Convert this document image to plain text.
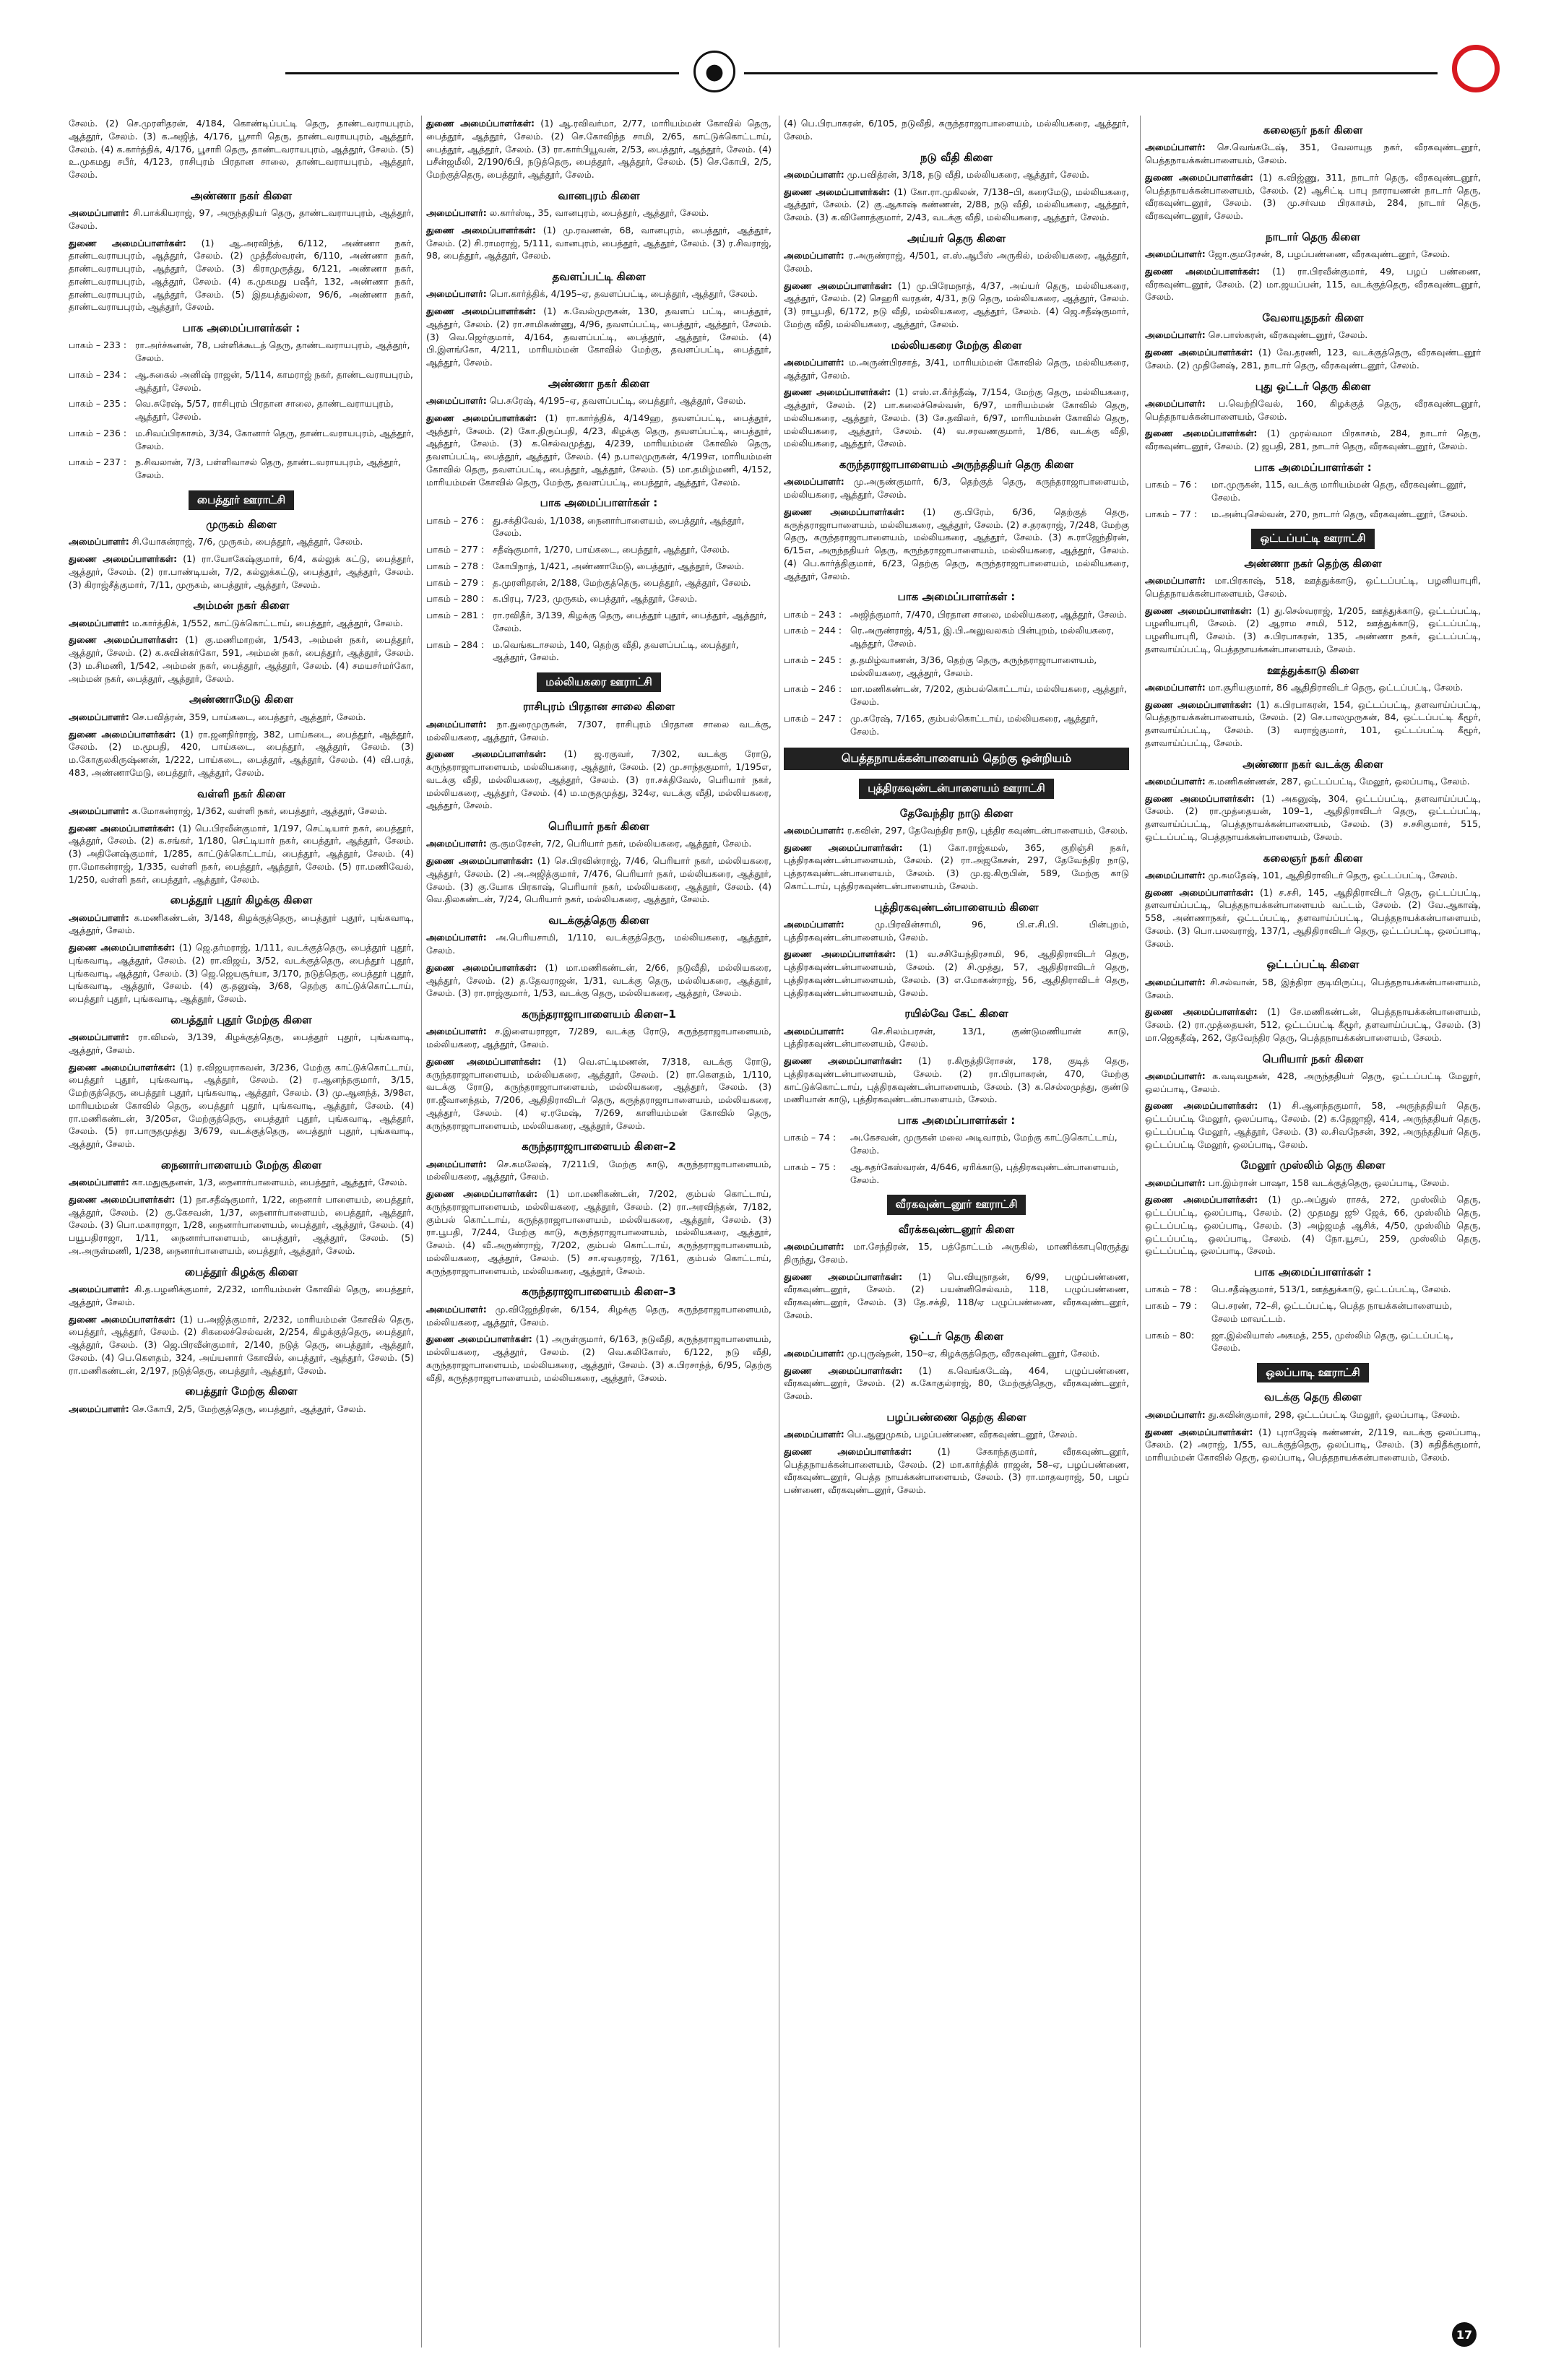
●
சேலம். (2) செ.முரளிதரன், 4/184, கொண்டிப்பட்டி தெரு, தாண்டவராயபுரம், ஆத்தூர், சேலம். (3) க.அஜித், 4/176, பூசாரி தெரு, தாண்டவராயபுரம், ஆத்தூர், சேலம். (4) க.கார்த்திக், 4/176, பூசாரி தெரு, தாண்டவராயபுரம், ஆத்தூர், சேலம். (5) உ.முகமது சபீர், 4/123, ராசிபுரம் பிரதான சாலை, தாண்டவராயபுரம், ஆத்தூர், சேலம்.
அண்ணா நகர் கிளை
அமைப்பாளர்: சி.பாக்கியராஜ், 97, அருந்ததியர் தெரு, தாண்டவராயபுரம், ஆத்தூர், சேலம்.
துணை அமைப்பாளர்கள்: (1) ஆ.அரவிந்த், 6/112, அண்ணா நகர், தாண்டவராயபுரம், ஆத்தூர், சேலம். (2) முத்தீஸ்வரன், 6/110, அண்ணா நகர், தாண்டவராயபுரம், ஆத்தூர், சேலம். (3) கிராமுருத்து, 6/121, அண்ணா நகர், தாண்டவராயபுரம், ஆத்தூர், சேலம். (4) க.முகமது பஷீர், 132, அண்ணா நகர், தாண்டவராயபுரம், ஆத்தூர், சேலம். (5) இதயத்துல்லா, 96/6, அண்ணா நகர், தாண்டவராயபுரம், ஆத்தூர், சேலம்.
பாக அமைப்பாளர்கள் :
பாகம் – 233 : ரா.அர்ச்சுனன், 78, பள்ளிக்கூடத் தெரு, தாண்டவராயபுரம், ஆத்தூர், சேலம்.
பாகம் – 234 : ஆ.சுகைல் அனிஷ் ராஜன், 5/114, காமராஜ் நகர், தாண்டவராயபுரம், ஆத்தூர், சேலம்.
பாகம் – 235 : வெ.சுரேஷ், 5/57, ராசிபுரம் பிரதான சாலை, தாண்டவராயபுரம், ஆத்தூர், சேலம்.
பாகம் – 236 : ம.சிவப்பிரகாசம், 3/34, கோனார் தெரு, தாண்டவராயபுரம், ஆத்தூர், சேலம்.
பாகம் – 237 : ந.சிவலான், 7/3, பள்ளிவாசல் தெரு, தாண்டவராயபுரம், ஆத்தூர், சேலம்.
பைத்தூர் ஊராட்சி
முருகம் கிளை
அமைப்பாளர்: சி.யோகன்ராஜ், 7/6, முருகம், பைத்தூர், ஆத்தூர், சேலம்.
துணை அமைப்பாளர்கள்: (1) ரா.யோகேஷ்குமார், 6/4, கல்லுக் கட்டு, பைத்தூர், ஆத்தூர், சேலம். (2) ரா.பாண்டியன், 7/2, கல்லுக்கட்டு, பைத்தூர், ஆத்தூர், சேலம். (3) கிராஜ்சீத்குமார், 7/11, முருகம், பைத்தூர், ஆத்தூர், சேலம்.
அம்மன் நகர் கிளை
அமைப்பாளர்: ம.கார்த்திக், 1/552, காட்டுக்கொட்டாய், பைத்தூர், ஆத்தூர், சேலம்.
துணை அமைப்பாளர்கள்: (1) கு.மணிமாறன், 1/543, அம்மன் நகர், பைத்தூர், ஆத்தூர், சேலம். (2) க.சுவின்கர்கோ, 591, அம்மன் நகர், பைத்தூர், ஆத்தூர், சேலம். (3) ம.சிமணி, 1/542, அம்மன் நகர், பைத்தூர், ஆத்தூர், சேலம். (4) சமயசர்மர்கோ, அம்மன் நகர், பைத்தூர், ஆத்தூர், சேலம்.
அண்ணாமேடு கிளை
அமைப்பாளர்: செ.பவித்ரன், 359, பாய்கடை, பைத்தூர், ஆத்தூர், சேலம்.
துணை அமைப்பாளர்கள்: (1) ரா.ஜனநிர்ராஜ், 382, பாய்கடை, பைத்தூர், ஆத்தூர், சேலம். (2) ம.மூபதி, 420, பாய்கடை, பைத்தூர், ஆத்தூர், சேலம். (3) ம.கோகுலகிருஷ்ணன், 1/222, பாய்கடை, பைத்தூர், ஆத்தூர், சேலம். (4) வி.பரத், 483, அண்ணாமேடு, பைத்தூர், ஆத்தூர், சேலம்.
வள்ளி நகர் கிளை
அமைப்பாளர்: க.மோகன்ராஜ், 1/362, வள்ளி நகர், பைத்தூர், ஆத்தூர், சேலம்.
துணை அமைப்பாளர்கள்: (1) பெ.பிரவீன்குமார், 1/197, செட்டியார் நகர், பைத்தூர், ஆத்தூர், சேலம். (2) க.சங்கர், 1/180, செட்டியார் நகர், பைத்தூர், ஆத்தூர், சேலம். (3) அதினேஷ்குமார், 1/285, காட்டுக்கொட்டாய், பைத்தூர், ஆத்தூர், சேலம். (4) ரா.மோகன்ராஜ், 1/335, வள்ளி நகர், பைத்தூர், ஆத்தூர், சேலம். (5) ரா.மணிவேல், 1/250, வள்ளி நகர், பைத்தூர், ஆத்தூர், சேலம்.
பைத்தூர் புதூர் கிழக்கு கிளை
அமைப்பாளர்: க.மணிகண்டன், 3/148, கிழக்குத்தெரு, பைத்தூர் புதூர், புங்கவாடி, ஆத்தூர், சேலம்.
துணை அமைப்பாளர்கள்: (1) ஜெ.தர்மராஜ், 1/111, வடக்குத்தெரு, பைத்தூர் புதூர், புங்கவாடி, ஆத்தூர், சேலம். (2) ரா.விஜய், 3/52, வடக்குத்தெரு, பைத்தூர் புதூர், புங்கவாடி, ஆத்தூர், சேலம். (3) ஜெ.ஜெயசூர்யா, 3/170, நடுத்தெரு, பைத்தூர் புதூர், புங்கவாடி, ஆத்தூர், சேலம். (4) கு.தனுஷ், 3/68, தெற்கு காட்டுக்கொட்டாய், பைத்தூர் புதூர், புங்கவாடி, ஆத்தூர், சேலம்.
பைத்தூர் புதூர் மேற்கு கிளை
அமைப்பாளர்: ரா.விமல், 3/139, கிழக்குத்தெரு, பைத்தூர் புதூர், புங்கவாடி, ஆத்தூர், சேலம்.
துணை அமைப்பாளர்கள்: (1) ர.விஜயராகவன், 3/236, மேற்கு காட்டுக்கொட்டாய், பைத்தூர் புதூர், புங்கவாடி, ஆத்தூர், சேலம். (2) ர.ஆனந்தகுமார், 3/15, மேற்குத்தெரு, பைத்தூர் புதூர், புங்கவாடி, ஆத்தூர், சேலம். (3) மு.ஆனந்த், 3/98எ, மாரியம்மன் கோவில் தெரு, பைத்தூர் புதூர், புங்கவாடி, ஆத்தூர், சேலம். (4) ரா.மணிகண்டன், 3/205எ, மேற்குத்தெரு, பைத்தூர் புதூர், புங்கவாடி, ஆத்தூர், சேலம். (5) ரா.பாருதமுத்து 3/679, வடக்குத்தெரு, பைத்தூர் புதூர், புங்கவாடி, ஆத்தூர், சேலம்.
நைனார்பாளையம் மேற்கு கிளை
அமைப்பாளர்: கா.மதுசூதனன், 1/3, நைனார்பாளையம், பைத்தூர், ஆத்தூர், சேலம்.
துணை அமைப்பாளர்கள்: (1) நா.சதீஷ்குமார், 1/22, நைனார் பாளையம், பைத்தூர், ஆத்தூர், சேலம். (2) கு.கேசவன், 1/37, நைனார்பாளையம், பைத்தூர், ஆத்தூர், சேலம். (3) பொ.மகாராஜா, 1/28, நைனார்பாளையம், பைத்தூர், ஆத்தூர், சேலம். (4) பயூபதிராஜா, 1/11, நைனார்பாளையம், பைத்தூர், ஆத்தூர், சேலம். (5) அ.அருள்மணி, 1/238, நைனார்பாளையம், பைத்தூர், ஆத்தூர், சேலம்.
பைத்தூர் கிழக்கு கிளை
அமைப்பாளர்: கி.த.பழனிக்குமார், 2/232, மாரியம்மன் கோவில் தெரு, பைத்தூர், ஆத்தூர், சேலம்.
துணை அமைப்பாளர்கள்: (1) ப.அஜித்குமார், 2/232, மாரியம்மன் கோவில் தெரு, பைத்தூர், ஆத்தூர், சேலம். (2) சிகலைச்செல்வன், 2/254, கிழக்குத்தெரு, பைத்தூர், ஆத்தூர், சேலம். (3) ஜெ.பிரவீன்குமார், 2/140, நடுத் தெரு, பைத்தூர், ஆத்தூர், சேலம். (4) பெ.கௌதம், 324, அய்யனார் கோவில், பைத்தூர், ஆத்தூர், சேலம். (5) ரா.மணிகண்டன், 2/197, நடுத்தெரு, பைத்தூர், ஆத்தூர், சேலம்.
பைத்தூர் மேற்கு கிளை
அமைப்பாளர்: செ.கோபி, 2/5, மேற்குத்தெரு, பைத்தூர், ஆத்தூர், சேலம்.
துணை அமைப்பாளர்கள்: (1) ஆ.ரவிவர்மா, 2/77, மாரியம்மன் கோவில் தெரு, பைத்தூர், ஆத்தூர், சேலம். (2) செ.கோவிந்த சாமி, 2/65, காட்டுக்கொட்டாய், பைத்தூர், ஆத்தூர், சேலம். (3) ரா.கார்பியூவன், 2/53, பைத்தூர், ஆத்தூர், சேலம். (4) பசீன்ஜமீலி, 2/190/6பி, நடுத்தெரு, பைத்தூர், ஆத்தூர், சேலம். (5) செ.கோபி, 2/5, மேற்குத்தெரு, பைத்தூர், ஆத்தூர், சேலம்.
வானபுரம் கிளை
அமைப்பாளர்: ல.கார்ஸ்டி, 35, வானபுரம், பைத்தூர், ஆத்தூர், சேலம்.
துணை அமைப்பாளர்கள்: (1) மு.ரவணன், 68, வானபுரம், பைத்தூர், ஆத்தூர், சேலம். (2) சி.ராமராஜ், 5/111, வானபுரம், பைத்தூர், ஆத்தூர், சேலம். (3) ர.சிவராஜ், 98, பைத்தூர், ஆத்தூர், சேலம்.
தவளப்பட்டி கிளை
அமைப்பாளர்: பொ.கார்த்திக், 4/195–ஏ, தவளப்பட்டி, பைத்தூர், ஆத்தூர், சேலம்.
துணை அமைப்பாளர்கள்: (1) க.வேல்முருகன், 130, தவளப் பட்டி, பைத்தூர், ஆத்தூர், சேலம். (2) ரா.சாமிகண்ணு, 4/96, தவளப்பட்டி, பைத்தூர், ஆத்தூர், சேலம். (3) வெ.ஜெர்குமார், 4/164, தவளப்பட்டி, பைத்தூர், ஆத்தூர், சேலம். (4) பி.இளங்கோ, 4/211, மாரியம்மன் கோவில் மேற்கு, தவளப்பட்டி, பைத்தூர், ஆத்தூர், சேலம்.
அண்ணா நகர் கிளை
அமைப்பாளர்: பெ.சுரேஷ், 4/195–ஏ, தவளப்பட்டி, பைத்தூர், ஆத்தூர், சேலம்.
துணை அமைப்பாளர்கள்: (1) ரா.கார்த்திக், 4/149ஹ, தவளப்பட்டி, பைத்தூர், ஆத்தூர், சேலம். (2) கோ.திருப்பதி, 4/23, கிழக்கு தெரு, தவளப்பட்டி, பைத்தூர், ஆத்தூர், சேலம். (3) க.செல்வமுத்து, 4/239, மாரியம்மன் கோவில் தெரு, தவளப்பட்டி, பைத்தூர், ஆத்தூர், சேலம். (4) ந.பாலமுருகன், 4/199எ, மாரியம்மன் கோவில் தெரு, தவளப்பட்டி, பைத்தூர், ஆத்தூர், சேலம். (5) மா.தமிழ்மணி, 4/152, மாரியம்மன் கோவில் தெரு, மேற்கு, தவளப்பட்டி, பைத்தூர், ஆத்தூர், சேலம்.
பாக அமைப்பாளர்கள் :
பாகம் – 276 : து.சக்திவேல், 1/1038, நைனார்பாளையம், பைத்தூர், ஆத்தூர், சேலம்.
பாகம் – 277 : சதீஷ்குமார், 1/270, பாய்கடை, பைத்தூர், ஆத்தூர், சேலம்.
பாகம் – 278 : கோபிநாத், 1/421, அண்ணாமேடு, பைத்தூர், ஆத்தூர், சேலம்.
பாகம் – 279 : த.முரளிதரன், 2/188, மேற்குத்தெரு, பைத்தூர், ஆத்தூர், சேலம்.
பாகம் – 280 : க.பிரபு, 7/23, முருகம், பைத்தூர், ஆத்தூர், சேலம்.
பாகம் – 281 : ரா.ரவிதீர், 3/139, கிழக்கு தெரு, பைத்தூர் புதூர், பைத்தூர், ஆத்தூர், சேலம்.
பாகம் – 284 : ம.வெங்கடாசலம், 140, தெற்கு வீதி, தவளப்பட்டி, பைத்தூர், ஆத்தூர், சேலம்.
மல்லியகரை ஊராட்சி
ராசிபுரம் பிரதான சாலை கிளை
அமைப்பாளர்: நா.துரைமுருகன், 7/307, ராசிபுரம் பிரதான சாலை வடக்கு, மல்லியகரை, ஆத்தூர், சேலம்.
துணை அமைப்பாளர்கள்: (1) ஜ.ரகுவர், 7/302, வடக்கு ரோடு, கருந்தராஜாபாளையம், மல்லியகரை, ஆத்தூர், சேலம். (2) மு.சாந்தகுமார், 1/195எ, வடக்கு வீதி, மல்லியகரை, ஆத்தூர், சேலம். (3) ரா.சக்திவேல், பெரியார் நகர், மல்லியகரை, ஆத்தூர், சேலம். (4) ம.மருதமுத்து, 324ஏ, வடக்கு வீதி, மல்லியகரை, ஆத்தூர், சேலம்.
பெரியார் நகர் கிளை
அமைப்பாளர்: கு.குமரேசன், 7/2, பெரியார் நகர், மல்லியகரை, ஆத்தூர், சேலம்.
துணை அமைப்பாளர்கள்: (1) செ.பிரவின்ராஜ், 7/46, பெரியார் நகர், மல்லியகரை, ஆத்தூர், சேலம். (2) அ.அஜித்குமார், 7/476, பெரியார் நகர், மல்லியகரை, ஆத்தூர், சேலம். (3) கு.யோக பிரகாஷ், பெரியார் நகர், மல்லியகரை, ஆத்தூர், சேலம். (4) வெ.திலகண்டன், 7/24, பெரியார் நகர், மல்லியகரை, ஆத்தூர், சேலம்.
வடக்குத்தெரு கிளை
அமைப்பாளர்: அ.பெரியசாமி, 1/110, வடக்குத்தெரு, மல்லியகரை, ஆத்தூர், சேலம்.
துணை அமைப்பாளர்கள்: (1) மா.மணிகண்டன், 2/66, நடுவீதி, மல்லியகரை, ஆத்தூர், சேலம். (2) த.தேவராஜன், 1/31, வடக்கு தெரு, மல்லியகரை, ஆத்தூர், சேலம். (3) ரா.ராஜ்குமார், 1/53, வடக்கு தெரு, மல்லியகரை, ஆத்தூர், சேலம்.
கருந்தராஜாபாளையம் கிளை–1
அமைப்பாளர்: ச.இளையராஜா, 7/289, வடக்கு ரோடு, கருந்தராஜாபாளையம், மல்லியகரை, ஆத்தூர், சேலம்.
துணை அமைப்பாளர்கள்: (1) வெ.எட்டிமணன், 7/318, வடக்கு ரோடு, கருந்தராஜாபாளையம், மல்லியகரை, ஆத்தூர், சேலம். (2) ரா.கௌதம், 1/110, வடக்கு ரோடு, கருந்தராஜாபாளையம், மல்லியகரை, ஆத்தூர், சேலம். (3) ரா.ஜீவானந்தம், 7/206, ஆதிதிராவிடர் தெரு, கருந்தராஜாபாளையம், மல்லியகரை, ஆத்தூர், சேலம். (4) ஏ.ரமேஷ், 7/269, காளியம்மன் கோவில் தெரு, கருந்தராஜாபாளையம், மல்லியகரை, ஆத்தூர், சேலம்.
கருந்தராஜாபாளையம் கிளை–2
அமைப்பாளர்: செ.கமலேஷ், 7/211பி, மேற்கு காடு, கருந்தராஜாபாளையம், மல்லியகரை, ஆத்தூர், சேலம்.
துணை அமைப்பாளர்கள்: (1) மா.மணிகண்டன், 7/202, கும்பல் கொட்டாய், கருந்தராஜாபாளையம், மல்லியகரை, ஆத்தூர், சேலம். (2) ரா.அரவிந்தன், 7/182, கும்பல் கொட்டாய், கருந்தராஜாபாளையம், மல்லியகரை, ஆத்தூர், சேலம். (3) ரா.பூபதி, 7/244, மேற்கு காடு, கருந்தராஜாபாளையம், மல்லியகரை, ஆத்தூர், சேலம். (4) வீ.அருண்ராஜ், 7/202, கும்பல் கொட்டாய், கருந்தராஜாபாளையம், மல்லியகரை, ஆத்தூர், சேலம். (5) சா.ஏவதராஜ், 7/161, கும்பல் கொட்டாய், கருந்தராஜாபாளையம், மல்லியகரை, ஆத்தூர், சேலம்.
கருந்தராஜாபாளையம் கிளை–3
அமைப்பாளர்: மு.விஜேந்திரன், 6/154, கிழக்கு தெரு, கருந்தராஜாபாளையம், மல்லியகரை, ஆத்தூர், சேலம்.
துணை அமைப்பாளர்கள்: (1) அருள்குமார், 6/163, நடுவீதி, கருந்தராஜாபாளையம், மல்லியகரை, ஆத்தூர், சேலம். (2) வெ.கலிகோஸ், 6/122, நடு வீதி, கருந்தராஜாபாளையம், மல்லியகரை, ஆத்தூர், சேலம். (3) க.பிரசாந்த், 6/95, தெற்கு வீதி, கருந்தராஜாபாளையம், மல்லியகரை, ஆத்தூர், சேலம்.
(4) பெ.பிரபாகரன், 6/105, நடுவீதி, கருந்தராஜாபாளையம், மல்லியகரை, ஆத்தூர், சேலம்.
நடு வீதி கிளை
அமைப்பாளர்: மு.பவித்ரன், 3/18, நடு வீதி, மல்லியகரை, ஆத்தூர், சேலம்.
துணை அமைப்பாளர்கள்: (1) கோ.ரா.முகிலன், 7/138–பி, கரைமேடு, மல்லியகரை, ஆத்தூர், சேலம். (2) கு.ஆகாஷ் கண்ணன், 2/88, நடு வீதி, மல்லியகரை, ஆத்தூர், சேலம். (3) க.வினோத்குமார், 2/43, வடக்கு வீதி, மல்லியகரை, ஆத்தூர், சேலம்.
அய்யர் தெரு கிளை
அமைப்பாளர்: ர.அருண்ராஜ், 4/501, எ.ஸ்.ஆபீஸ் அருகில், மல்லியகரை, ஆத்தூர், சேலம்.
துணை அமைப்பாளர்கள்: (1) மு.பிரேமநாத், 4/37, அய்யர் தெரு, மல்லியகரை, ஆத்தூர், சேலம். (2) செஹரி வரதன், 4/31, நடு தெரு, மல்லியகரை, ஆத்தூர், சேலம். (3) ராபூபதி, 6/172, நடு வீதி, மல்லியகரை, ஆத்தூர், சேலம். (4) ஜெ.சதீஷ்குமார், மேற்கு வீதி, மல்லியகரை, ஆத்தூர், சேலம்.
மல்லியகரை மேற்கு கிளை
அமைப்பாளர்: ம.அருண்பிரசாத், 3/41, மாரியம்மன் கோவில் தெரு, மல்லியகரை, ஆத்தூர், சேலம்.
துணை அமைப்பாளர்கள்: (1) எஸ்.எ.கீர்த்தீஷ், 7/154, மேற்கு தெரு, மல்லியகரை, ஆத்தூர், சேலம். (2) பா.கலைச்செல்வன், 6/97, மாரியம்மன் கோவில் தெரு, மல்லியகரை, ஆத்தூர், சேலம். (3) சே.தவிலர், 6/97, மாரியம்மன் கோவில் தெரு, மல்லியகரை, ஆத்தூர், சேலம். (4) வ.சரவணகுமார், 1/86, வடக்கு வீதி, மல்லியகரை, ஆத்தூர், சேலம்.
கருந்தராஜாபாளையம் அருந்ததியர் தெரு கிளை
அமைப்பாளர்: மு.அருண்குமார், 6/3, தெற்குத் தெரு, கருந்தராஜாபாளையம், மல்லியகரை, ஆத்தூர், சேலம்.
துணை அமைப்பாளர்கள்: (1) கு.பிரேம், 6/36, தெற்குத் தெரு, கருந்தராஜாபாளையம், மல்லியகரை, ஆத்தூர், சேலம். (2) ச.தரகராஜ், 7/248, மேற்கு தெரு, கருந்தராஜாபாளையம், மல்லியகரை, ஆத்தூர், சேலம். (3) சு.ராஜேந்திரன், 6/15எ, அருந்ததியர் தெரு, கருந்தராஜாபாளையம், மல்லியகரை, ஆத்தூர், சேலம். (4) பெ.கார்த்திகுமார், 6/23, தெற்கு தெரு, கருந்தராஜாபாளையம், மல்லியகரை, ஆத்தூர், சேலம்.
பாக அமைப்பாளர்கள் :
பாகம் – 243 : அஜித்குமார், 7/470, பிரதான சாலை, மல்லியகரை, ஆத்தூர், சேலம்.
பாகம் – 244 : ரெ.அருண்ராஜ், 4/51, இ.பி.அலுவலகம் பின்புறம், மல்லியகரை, ஆத்தூர், சேலம்.
பாகம் – 245 : த.தமிழ்வாணன், 3/36, தெற்கு தெரு, கருந்தராஜாபாளையம், மல்லியகரை, ஆத்தூர், சேலம்.
பாகம் – 246 : மா.மணிகண்டன், 7/202, கும்பல்கொட்டாய், மல்லியகரை, ஆத்தூர், சேலம்.
பாகம் – 247 : மு.சுரேஷ், 7/165, கும்பல்கொட்டாய், மல்லியகரை, ஆத்தூர், சேலம்.
பெத்தநாயக்கன்பாளையம் தெற்கு ஒன்றியம்
புத்திரகவுண்டன்பாளையம் ஊராட்சி
தேவேந்திர நாடு கிளை
அமைப்பாளர்: ர.கவின், 297, தேவேந்திர நாடு, புத்திர கவுண்டன்பாளையம், சேலம்.
துணை அமைப்பாளர்கள்: (1) கோ.ராஜ்கமல், 365, குறிஞ்சி நகர், புத்திரகவுண்டன்பாளையம், சேலம். (2) ரா.அஜகேசன், 297, தேவேந்திர நாடு, புத்தரகவுண்டன்பாளையம், சேலம். (3) மு.ஜ.கிருபின், 589, மேற்கு காடு கொட்டாய், புத்திரகவுண்டன்பாளையம், சேலம்.
புத்திரகவுண்டன்பாளையம் கிளை
அமைப்பாளர்:	மு.பிரவின்சாமி, 96, பி.எ.சி.பி. பின்புறம், புத்திரகவுண்டன்பாளையம், சேலம்.
துணை அமைப்பாளர்கள்: (1) வ.சசியேந்திரசாமி, 96, ஆதிதிராவிடர் தெரு, புத்திரகவுண்டன்பாளையம், சேலம். (2) சி.முத்து, 57, ஆதிதிராவிடர் தெரு, புத்திரகவுண்டன்பாளையம், சேலம். (3) எ.மோகன்ராஜ், 56, ஆதிதிராவிடர் தெரு, புத்திரகவுண்டன்பாளையம், சேலம்.
ரயில்வே கேட் கிளை
அமைப்பாளர்:	செ.சிலம்பரசன், 13/1, குண்டுமணியான் காடு, புத்திரகவுண்டன்பாளையம், சேலம்.
துணை அமைப்பாளர்கள்: (1) ர.கிருத்திரோசன், 178, குடித் தெரு, புத்திரகவுண்டன்பாளையம், சேலம். (2) ரா.பிரபாகரன், 470, மேற்கு காட்டுக்கொட்டாய், புத்திரகவுண்டன்பாளையம், சேலம். (3) க.செல்லமுத்து, குண்டு மணியான் காடு, புத்திரகவுண்டன்பாளையம், சேலம்.
பாக அமைப்பாளர்கள் :
பாகம் – 74 :	அ.கேசவன், முருகன் மலை அடிவாரம், மேற்கு காட்டுகொட்டாய், சேலம்.
பாகம் – 75 :	ஆ.சுதர்கேஸ்வரன், 4/646, ஏரிக்காடு, புத்திரகவுண்டன்பாளையம், சேலம்.
வீரகவுண்டனூர் ஊராட்சி
வீரக்கவுண்டனூர் கிளை
அமைப்பாளர்: மா.சேந்திரன், 15, பத்தோட்டம் அருகில், மாணிக்காபுரெருத்து திருந்து, சேலம்.
துணை அமைப்பாளர்கள்: (1) பெ.வியுநாதன், 6/99, பழுப்பண்ணை, வீரகவுண்டனூர், சேலம். (2) பயன்னிசெல்வம், 118, பழுப்பண்ணை, வீரகவுண்டனூர், சேலம். (3) தே.சக்தி, 118/ஏ பழுப்பண்ணை, வீரகவுண்டனூர், சேலம்.
ஒட்டர் தெரு கிளை
அமைப்பாளர்: மு.புருஷ்தன், 150–ஏ, கிழக்குத்தெரு, வீரகவுண்டனூர், சேலம்.
துணை அமைப்பாளர்கள்: (1) க.வெங்கடேஷ், 464, பழுப்பண்ணை, வீரகவுண்டனூர், சேலம். (2) க.கோகுல்ராஜ், 80, மேற்குத்தெரு, வீரகவுண்டனூர், சேலம்.
பழப்பண்ணை தெற்கு கிளை
அமைப்பாளர்: பெ.ஆனுமுகம், பழப்பண்ணை, வீரகவுண்டனூர், சேலம்.
துணை அமைப்பாளர்கள்:	(1) சேகாந்தகுமார், வீரகவுண்டனூர், பெத்தநாயக்கன்பாளையம், சேலம். (2) மா.கார்த்திக் ராஜன், 58–ஏ, பழப்பண்ணை, வீரகவுண்டனூர், பெத்த நாயக்கன்பாளையம், சேலம். (3) ரா.மாதவராஜ், 50, பழப் பண்ணை, வீரகவுண்டனூர், சேலம்.
கலைஞர் நகர் கிளை
அமைப்பாளர்: செ.வெங்கடேஷ், 351, வேலாயுத நகர், வீரகவுண்டனூர், பெத்தநாயக்கன்பாளையம், சேலம்.
துணை அமைப்பாளர்கள்: (1) க.விஜ்ணு, 311, நாடார் தெரு, வீரகவுண்டனூர், பெத்தநாயக்கன்பாளையம், சேலம். (2) ஆசிட்டி பாபு நாராயணன் நாடார் தெரு, வீரகவுண்டனூர், சேலம். (3) மு.சர்வம பிரகாசம், 284, நாடார் தெரு, வீரகவுண்டனூர், சேலம்.
நாடார் தெரு கிளை
அமைப்பாளர்: ஜோ.குமரேசன், 8, பழப்பண்ணை, வீரகவுண்டனூர், சேலம்.
துணை அமைப்பாளர்கள்: (1) ரா.பிரவீன்குமார், 49, பழப் பண்ணை, வீரகவுண்டனூர், சேலம். (2) மா.ஜயப்பன், 115, வடக்குத்தெரு, வீரகவுண்டனூர், சேலம்.
வேலாயுதநகர் கிளை
அமைப்பாளர்: செ.பாஸ்கரன், வீரகவுண்டனூர், சேலம்.
துணை அமைப்பாளர்கள்: (1) வே.தரணி, 123, வடக்குத்தெரு, வீரகவுண்டனூர் சேலம். (2) முதினேஷ், 281, நாடார் தெரு, வீரகவுண்டனூர், சேலம்.
புது ஒட்டர் தெரு கிளை
அமைப்பாளர்: ப.வெற்றிவேல், 160, கிழக்குத் தெரு, வீரகவுண்டனூர், பெத்தநாயக்கன்பாளையம், சேலம்.
துணை அமைப்பாளர்கள்: (1) முரல்வமா பிரகாசம், 284, நாடார் தெரு, வீரகவுண்டனூர், சேலம். (2) ஜபதி, 281, நாடார் தெரு, வீரகவுண்டனூர், சேலம்.
பாக அமைப்பாளர்கள் :
பாகம் – 76 :	மா.முருகன், 115, வடக்கு மாரியம்மன் தெரு, வீரகவுண்டனூர், சேலம்.
பாகம் – 77 :	ம.அன்புசெல்வன், 270, நாடார் தெரு, வீரகவுண்டனூர், சேலம்.
ஒட்டப்பட்டி ஊராட்சி
அண்ணா நகர் தெற்கு கிளை
அமைப்பாளர்: மா.பிரகாஷ், 518, ஊத்துக்காடு, ஒட்டப்பட்டி, பழனியாபுரி, பெத்தநாயக்கன்பாளையம், சேலம்.
துணை அமைப்பாளர்கள்: (1) து.செல்வராஜ், 1/205, ஊத்துக்காடு, ஒட்டப்பட்டி, பழனியாபுரி, சேலம். (2) ஆராம சாமி, 512, ஊத்துக்காடு, ஒட்டப்பட்டி, பழனியாபுரி, சேலம். (3) சு.பிரபாகரன், 135, அண்ணா நகர், ஒட்டப்பட்டி, தளவாய்ப்பட்டி, பெத்தநாயக்கன்பாளையம், சேலம்.
ஊத்துக்காடு கிளை
அமைப்பாளர்: மா.சூரியகுமார், 86 ஆதிதிராவிடர் தெரு, ஒட்டப்பட்டி, சேலம்.
துணை அமைப்பாளர்கள்: (1) க.பிரபாகரன், 154, ஒட்டப்பட்டி, தளவாய்ப்பட்டி, பெத்தநாயக்கன்பாளையம், சேலம். (2) செ.பாலமுருகன், 84, ஒட்டப்பட்டி கீழூர், தளவாய்ப்பட்டி, சேலம். (3) வராஜ்குமார், 101, ஒட்டப்பட்டி கீழூர், தளவாய்ப்பட்டி, சேலம்.
அண்ணா நகர் வடக்கு கிளை
அமைப்பாளர்: க.மணிகண்ணன், 287, ஒட்டப்பட்டி, மேலூர், ஒலப்பாடி, சேலம்.
துணை அமைப்பாளர்கள்: (1) அகனுஷ், 304, ஒட்டப்பட்டி, தளவாய்ப்பட்டி, சேலம். (2) ரா.முத்தையன், 109–1, ஆதிதிராவிடர் தெரு, ஒட்டப்பட்டி, தளவாய்ப்பட்டி, பெத்தநாயக்கன்பாளையம், சேலம். (3) ச.சசிகுமார், 515, ஒட்டப்பட்டி, பெத்தநாயக்கன்பாளையம், சேலம்.
கலைஞர் நகர் கிளை
அமைப்பாளர்: மு.சுமதேஷ், 101, ஆதிதிராவிடர் தெரு, ஒட்டப்பட்டி, சேலம்.
துணை அமைப்பாளர்கள்: (1) ச.சசி, 145, ஆதிதிராவிடர் தெரு, ஒட்டப்பட்டி, தளவாய்ப்பட்டி, பெத்தநாயக்கன்பாளையம் வட்டம், சேலம். (2) வே.ஆகாஷ், 558, அண்ணாநகர், ஒட்டப்பட்டி, தளவாய்ப்பட்டி, பெத்தநாயக்கன்பாளையம், சேலம். (3) பொ.பலவராஜ், 137/1, ஆதிதிராவிடர் தெரு, ஒட்டப்பட்டி, ஒலப்பாடி, சேலம்.
ஒட்டப்பட்டி கிளை
அமைப்பாளர்: சி.சல்வான், 58, இந்திரா குடியிருப்பு, பெத்தநாயக்கன்பாளையம், சேலம்.
துணை அமைப்பாளர்கள்: (1) சே.மணிகண்டன், பெத்தநாயக்கன்பாளையம், சேலம். (2) ரா.முத்தையன், 512, ஒட்டப்பட்டி கீழூர், தளவாய்ப்பட்டி, சேலம். (3) மா.ஜெகதீஷ், 262, தேவேந்திர தெரு, பெத்தநாயக்கன்பாளையம், சேலம்.
பெரியார் நகர் கிளை
அமைப்பாளர்: க.வடிவழகன், 428, அருந்ததியர் தெரு, ஒட்டப்பட்டி மேலூர், ஒலப்பாடி, சேலம்.
துணை அமைப்பாளர்கள்: (1) சி.ஆனந்தகுமார், 58, அருந்ததியர் தெரு, ஒட்டப்பட்டி மேலூர், ஒலப்பாடி, சேலம். (2) க.தேஜாஜி, 414, அருந்ததியர் தெரு, ஒட்டப்பட்டி மேலூர், ஆத்தூர், சேலம். (3) ல.சிவநேசன், 392, அருந்ததியர் தெரு, ஒட்டப்பட்டி மேலூர், ஒலப்பாடி, சேலம்.
மேலூர் முஸ்லிம் தெரு கிளை
அமைப்பாளர்: பா.இம்ரான் பாஷா, 158 வடக்குத்தெரு, ஒலப்பாடி, சேலம்.
துணை அமைப்பாளர்கள்: (1) மு.அப்துல் ராசக், 272, முஸ்லிம் தெரு, ஒட்டப்பட்டி, ஒலப்பாடி, சேலம். (2) முதமது ஜூ ஜேக், 66, முஸ்லிம் தெரு, ஒட்டப்பட்டி, ஒலப்பாடி, சேலம். (3) அழ்ஜமத் ஆசிக், 4/50, முஸ்லிம் தெரு, ஒட்டப்பட்டி, ஒலப்பாடி, சேலம். (4) நோ.யூசப், 259, முஸ்லிம் தெரு, ஒட்டப்பட்டி, ஒலப்பாடி, சேலம்.
பாக அமைப்பாளர்கள் :
பாகம் – 78 :	பெ.சதீஷ்குமார், 513/1, ஊத்துக்காடு, ஒட்டப்பட்டி, சேலம்.
பாகம் – 79 :	பெ.சரண், 72–சி, ஒட்டப்பட்டி, பெத்த நாயக்கன்பாளையம், சேலம் மாவட்டம்.
பாகம் – 80:	ஜா.இல்லியாஸ் அகமத், 255, முஸ்லிம் தெரு, ஒட்டப்பட்டி, சேலம்.
ஒலப்பாடி ஊராட்சி
வடக்கு தெரு கிளை
அமைப்பாளர்: து.கவின்குமார், 298, ஒட்டப்பட்டி மேலூர், ஒலப்பாடி, சேலம்.
துணை அமைப்பாளர்கள்: (1) புராஜேஷ் கண்ணன், 2/119, வடக்கு ஒலப்பாடி, சேலம். (2) அராஜ், 1/55, வடக்குத்தெரு, ஒலப்பாடி, சேலம். (3) சுதிதீக்குமார், மாரியம்மன் கோவில் தெரு, ஒலப்பாடி, பெத்தநாயக்கன்பாளையம், சேலம்.
17
